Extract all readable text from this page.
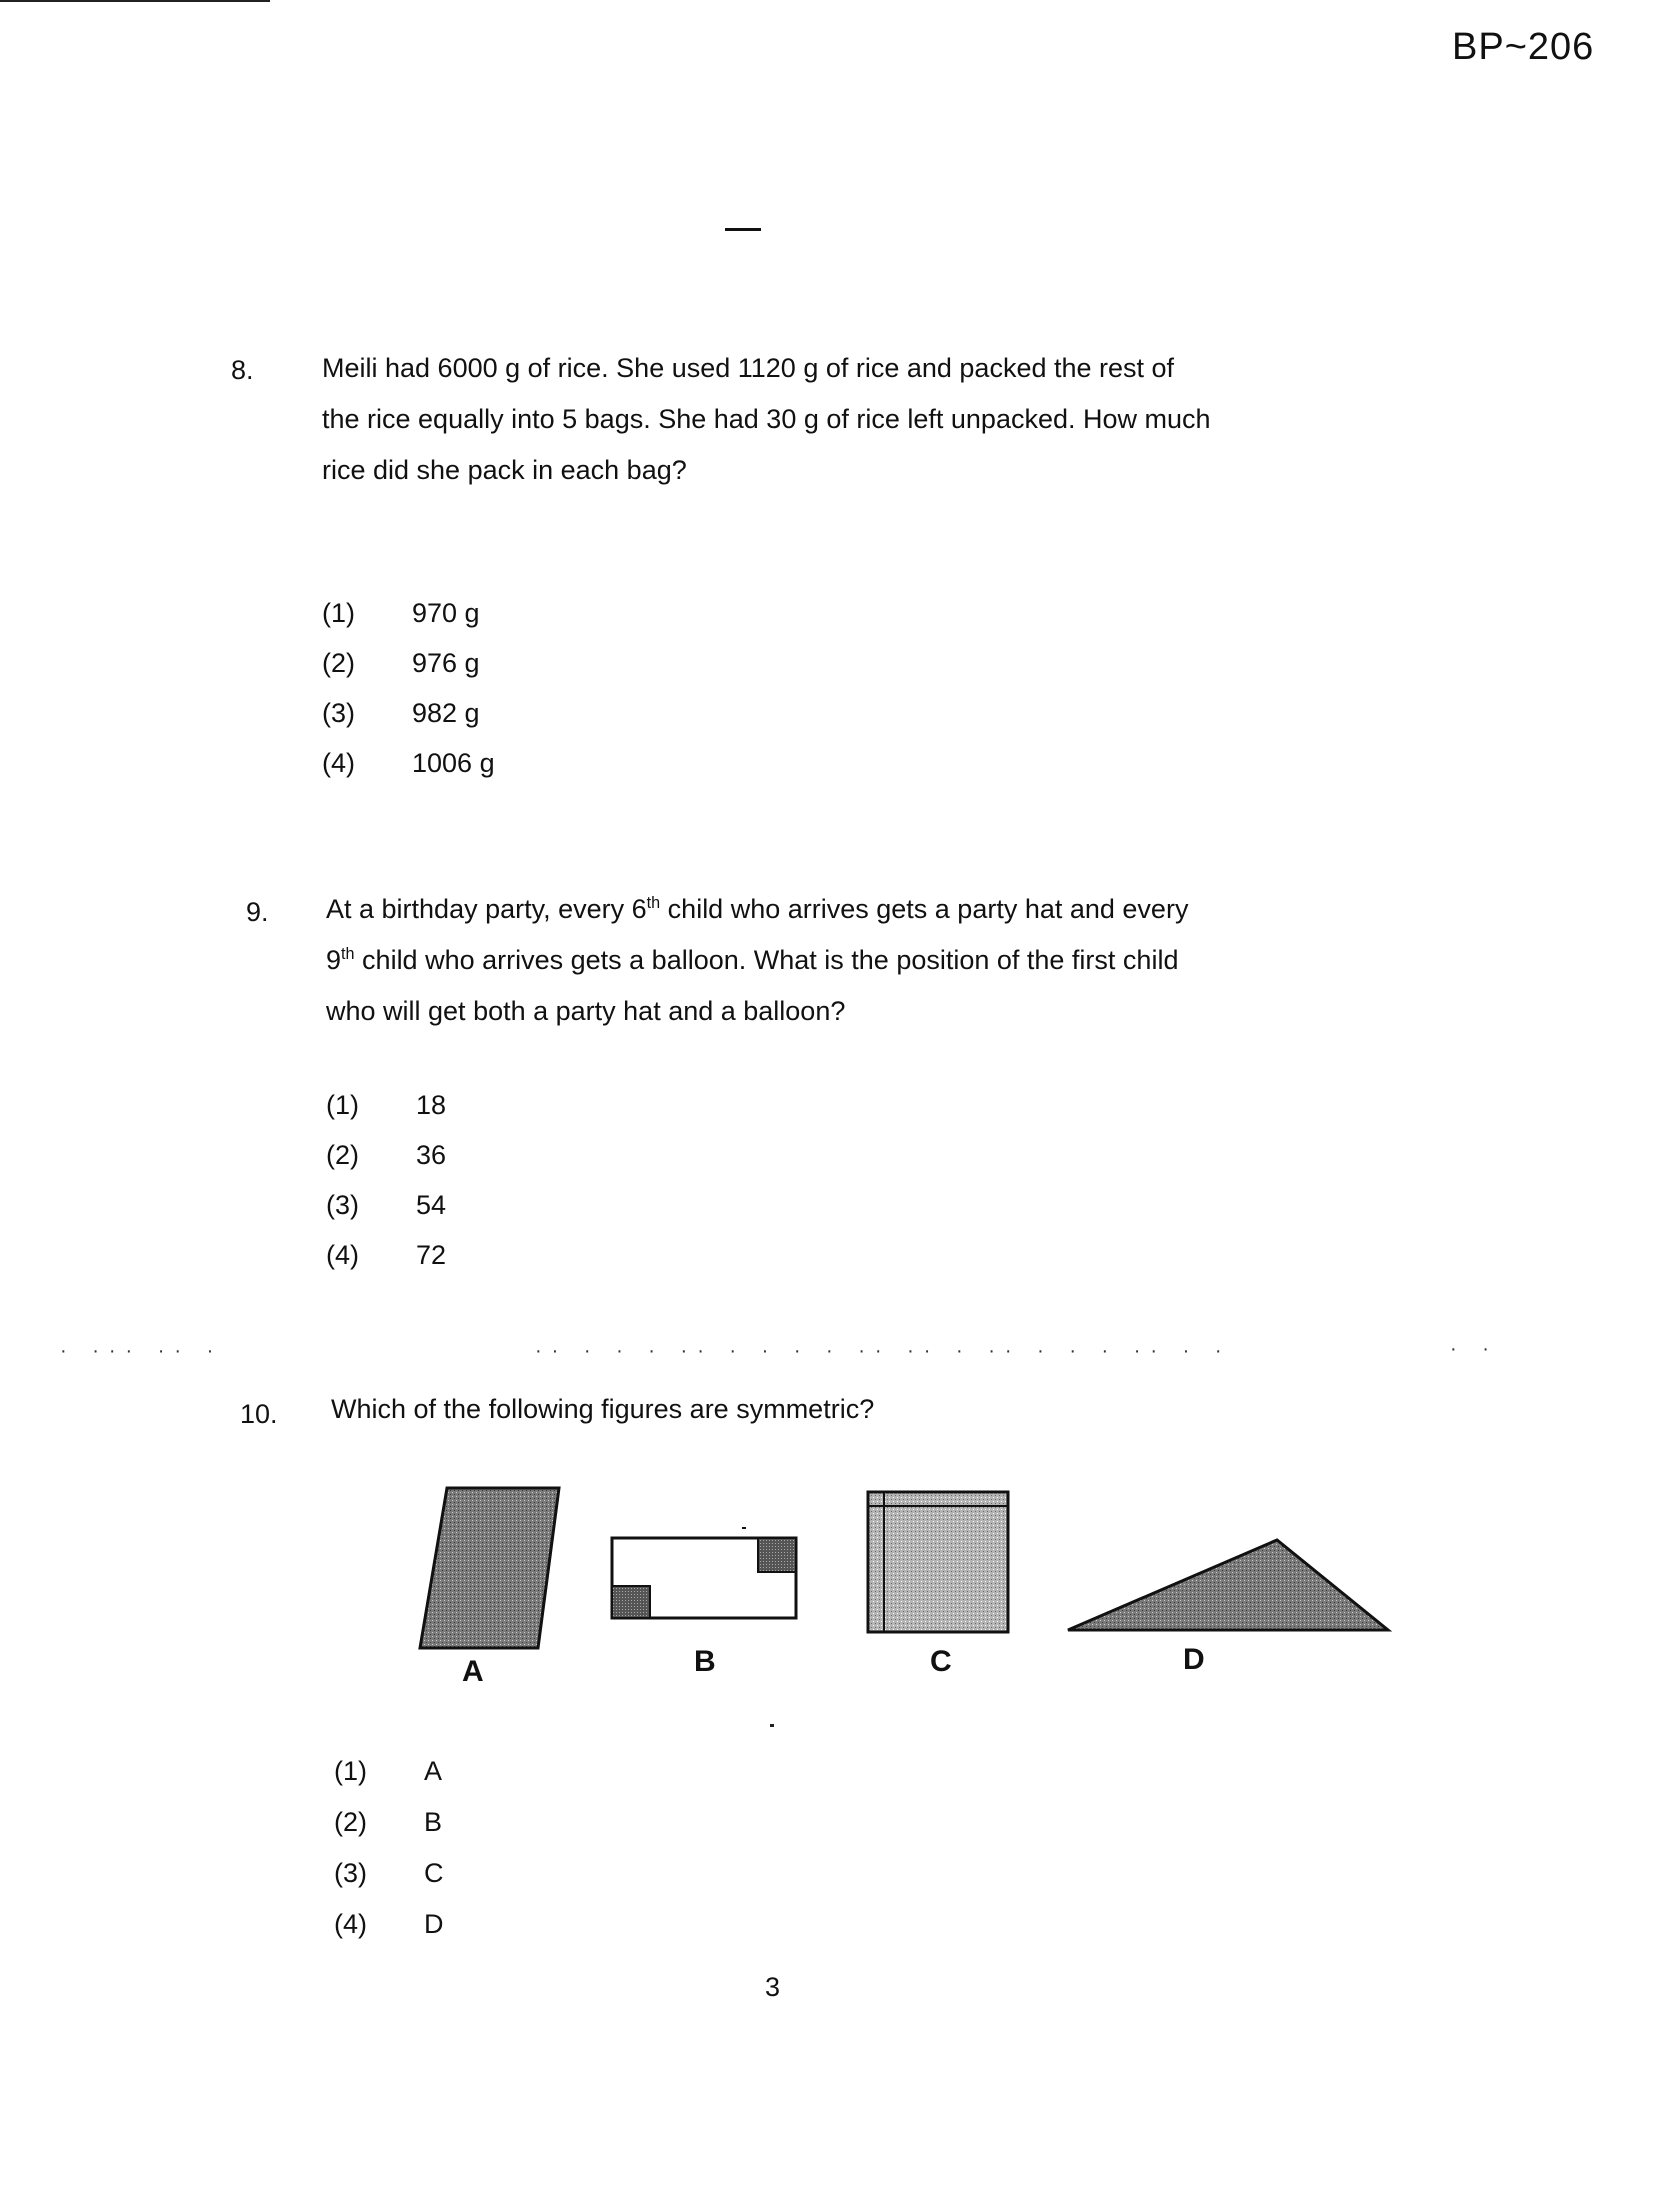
BP~206
8.	Meili had 6000 g of rice. She used 1120 g of rice and packed the rest of
the rice equally into 5 bags. She had 30 g of rice left unpacked. How much
rice did she pack in each bag?
(1) 970 g
(2) 976 g
(3) 982 g
(4) 1006 g
9. At a birthday party, every 6th child who arrives gets a party hat and every
9th child who arrives gets a balloon. What is the position of the first child
who will get both a party hat and a balloon?
(1) 18
(2) 36
(3) 54
(4) 72
· ··· ·· ·	·· · · · ·· · · · · ·· ·· · ·· · · · ·· · ·	· ·
10. Which of the following figures are symmetric?
A	B	C	D
(1) A
(2) B
(3) C
(4) D
3
